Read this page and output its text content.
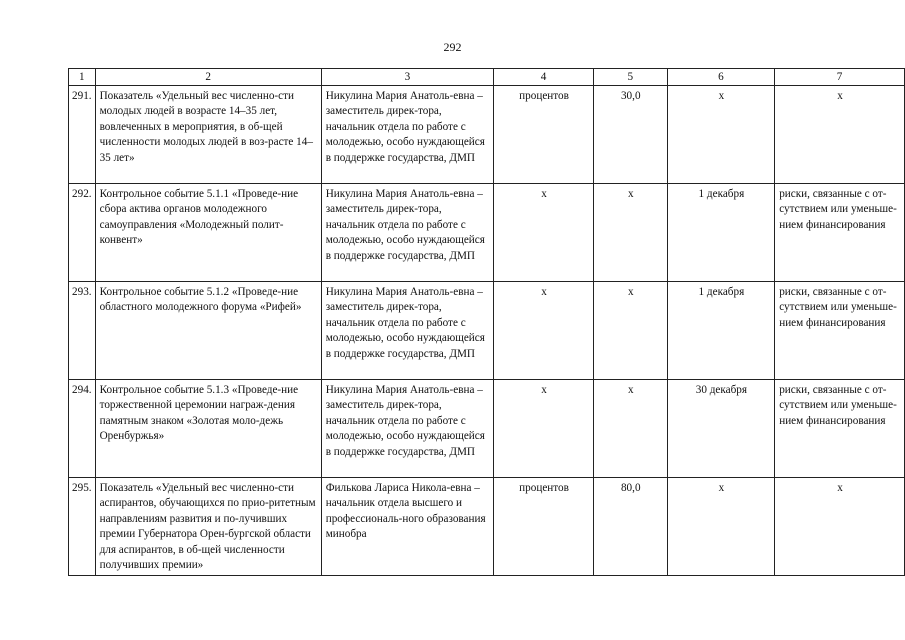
292
1	2	3	4	5	6	7
291.	Показатель «Удельный вес численно-сти молодых людей в возрасте 14–35 лет, вовлеченных в мероприятия, в об-щей численности молодых людей в воз-расте 14–35 лет»	Никулина Мария Анатоль-евна – заместитель дирек-тора, начальник отдела по работе с молодежью, особо нуждающейся в поддержке государства, ДМП	процентов	30,0	х	х
292.	Контрольное событие 5.1.1 «Проведе-ние сбора актива органов молодежного самоуправления «Молодежный полит-конвент»	Никулина Мария Анатоль-евна – заместитель дирек-тора, начальник отдела по работе с молодежью, особо нуждающейся в поддержке государства, ДМП	х	х	1 декабря	риски, связанные с от-сутствием или уменьше-нием финансирования
293.	Контрольное событие 5.1.2 «Проведе-ние областного молодежного форума «Рифей»	Никулина Мария Анатоль-евна – заместитель дирек-тора, начальник отдела по работе с молодежью, особо нуждающейся в поддержке государства, ДМП	х	х	1 декабря	риски, связанные с от-сутствием или уменьше-нием финансирования
294.	Контрольное событие 5.1.3 «Проведе-ние торжественной церемонии награж-дения памятным знаком «Золотая моло-дежь Оренбуржья»	Никулина Мария Анатоль-евна – заместитель дирек-тора, начальник отдела по работе с молодежью, особо нуждающейся в поддержке государства, ДМП	х	х	30 декабря	риски, связанные с от-сутствием или уменьше-нием финансирования
295.	Показатель «Удельный вес численно-сти аспирантов, обучающихся по прио-ритетным направлениям развития и по-лучивших премии Губернатора Орен-бургской области для аспирантов, в об-щей численности получивших премии»	Филькова Лариса Никола-евна – начальник отдела высшего и профессиональ-ного образования минобра	процентов	80,0	х	х
